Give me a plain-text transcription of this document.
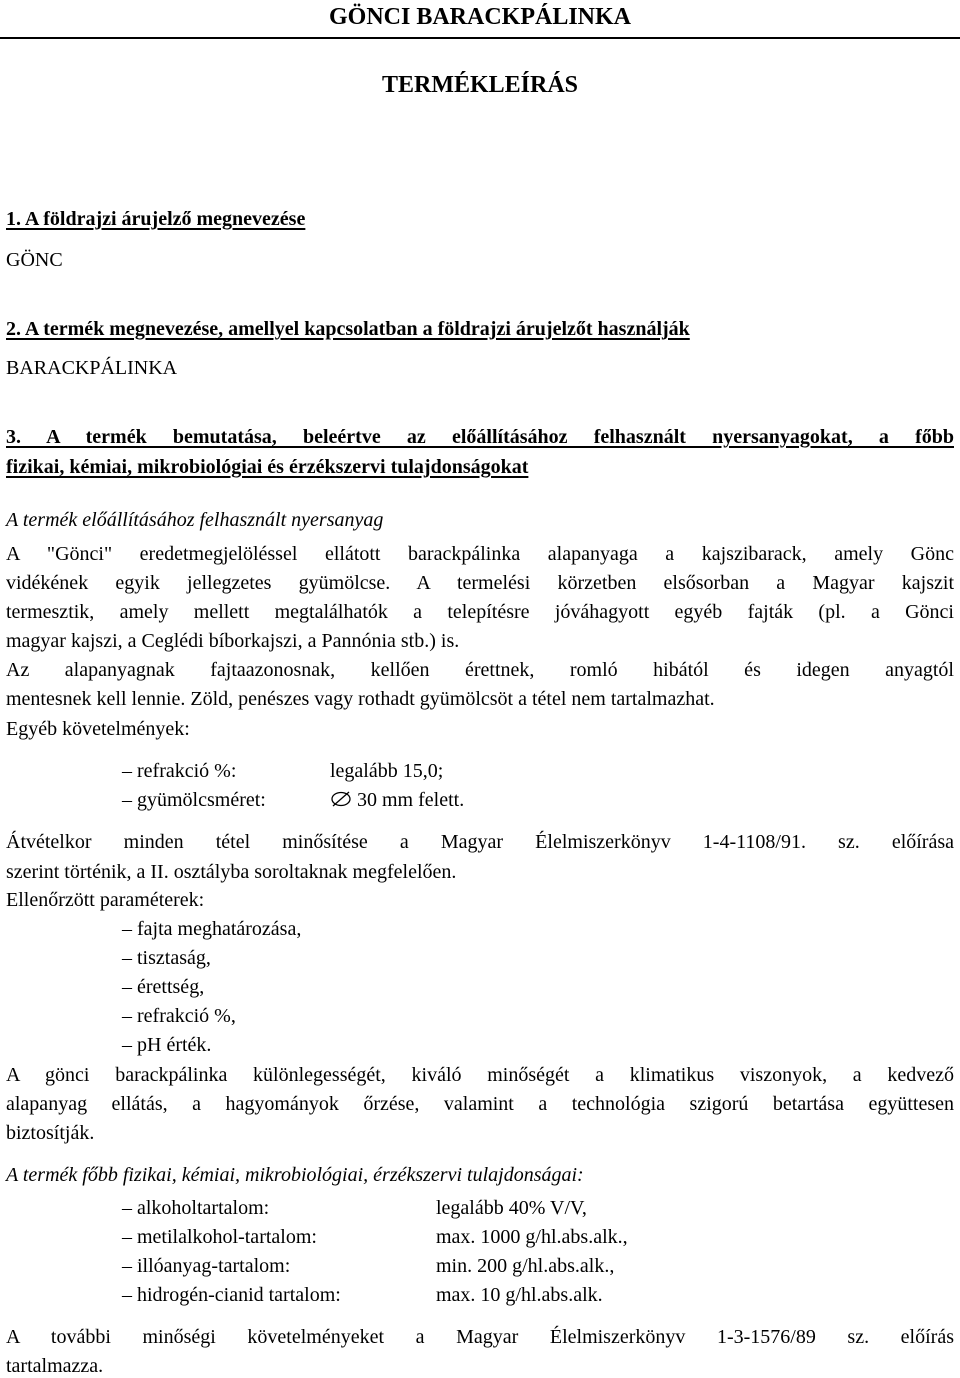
GÖNCI BARACKPÁLINKA
TERMÉKLEÍRÁS
1. A földrajzi árujelző megnevezése
GÖNC
2. A termék megnevezése, amellyel kapcsolatban a földrajzi árujelzőt használják
BARACKPÁLINKA
3. A termék bemutatása, beleértve az előállításához felhasznált nyersanyagokat, a főbb
fizikai, kémiai, mikrobiológiai és érzékszervi tulajdonságokat
A termék előállításához felhasznált nyersanyag
A "Gönci" eredetmegjelöléssel ellátott barackpálinka alapanyaga a kajszibarack, amely Gönc
vidékének egyik jellegzetes gyümölcse. A termelési körzetben elsősorban a Magyar kajszit
termesztik, amely mellett megtalálhatók a telepítésre jóváhagyott egyéb fajták (pl. a Gönci
magyar kajszi, a Ceglédi bíborkajszi, a Pannónia stb.) is.
Az alapanyagnak fajtaazonosnak, kellően érettnek, romló hibától és idegen anyagtól
mentesnek kell lennie. Zöld, penészes vagy rothadt gyümölcsöt a tétel nem tartalmazhat.
Egyéb követelmények:
– refrakció %:	legalább 15,0;
– gyümölcsméret:	30 mm felett.
Átvételkor minden tétel minősítése a Magyar Élelmiszerkönyv 1-4-1108/91. sz. előírása
szerint történik, a II. osztályba soroltaknak megfelelően.
Ellenőrzött paraméterek:
– fajta meghatározása,
– tisztaság,
– érettség,
– refrakció %,
– pH érték.
A gönci barackpálinka különlegességét, kiváló minőségét a klimatikus viszonyok, a kedvező
alapanyag ellátás, a hagyományok őrzése, valamint a technológia szigorú betartása együttesen
biztosítják.
A termék főbb fizikai, kémiai, mikrobiológiai, érzékszervi tulajdonságai:
– alkoholtartalom:	legalább 40% V/V,
– metilalkohol-tartalom:	max. 1000 g/hl.abs.alk.,
– illóanyag-tartalom:	min. 200 g/hl.abs.alk.,
– hidrogén-cianid tartalom:	max. 10 g/hl.abs.alk.
A további minőségi követelményeket a Magyar Élelmiszerkönyv 1-3-1576/89 sz. előírás
tartalmazza.
